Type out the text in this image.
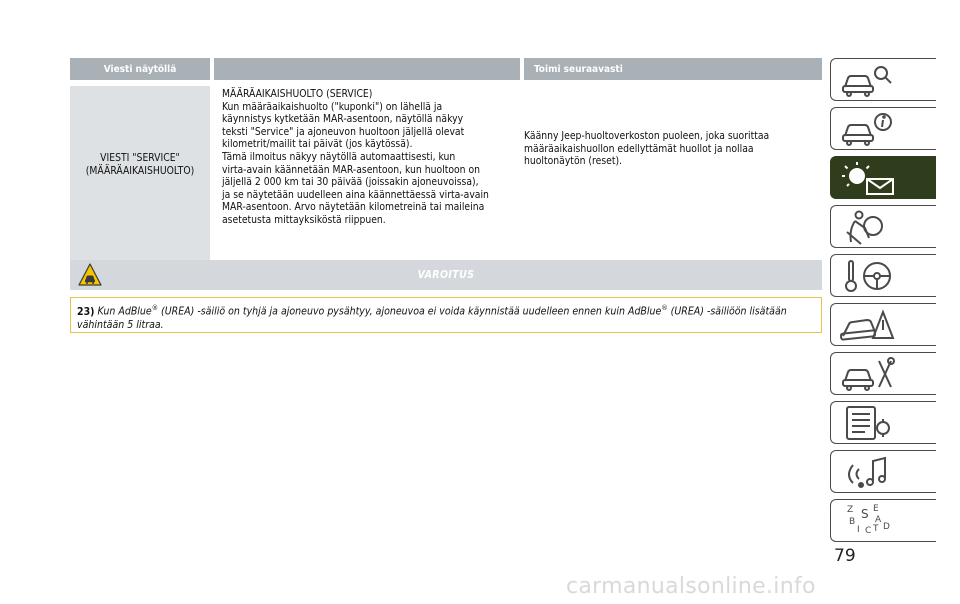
Viesti näytöllä	Toimi seuraavasti
VIESTI "SERVICE"
(MÄÄRÄAIKAISHUOLTO)
MÄÄRÄAIKAISHUOLTO (SERVICE)
Kun määräaikaishuolto ("kuponki") on lähellä ja
käynnistys kytketään MAR-asentoon, näytöllä näkyy
teksti "Service" ja ajoneuvon huoltoon jäljellä olevat
kilometrit/mailit tai päivät (jos käytössä).
Tämä ilmoitus näkyy näytöllä automaattisesti, kun
virta-avain käännetään MAR-asentoon, kun huoltoon on
jäljellä 2 000 km tai 30 päivää (joissakin ajoneuvoissa),
ja se näytetään uudelleen aina käännettäessä virta-avain
MAR-asentoon. Arvo näytetään kilometreinä tai maileina
asetetusta mittayksiköstä riippuen.
Käänny Jeep-huoltoverkoston puoleen, joka suorittaa
määräaikaishuollon edellyttämät huollot ja nollaa
huoltonäytön (reset).
VAROITUS

23) Kun AdBlue® (UREA) -säiliö on tyhjä ja ajoneuvo pysähtyy, ajoneuvoa ei voida käynnistää uudelleen ennen kuin AdBlue® (UREA) -säiliöön lisätään vähintään 5 litraa.

Z E
S
B A
I C T D
79
carmanualsonline.info
